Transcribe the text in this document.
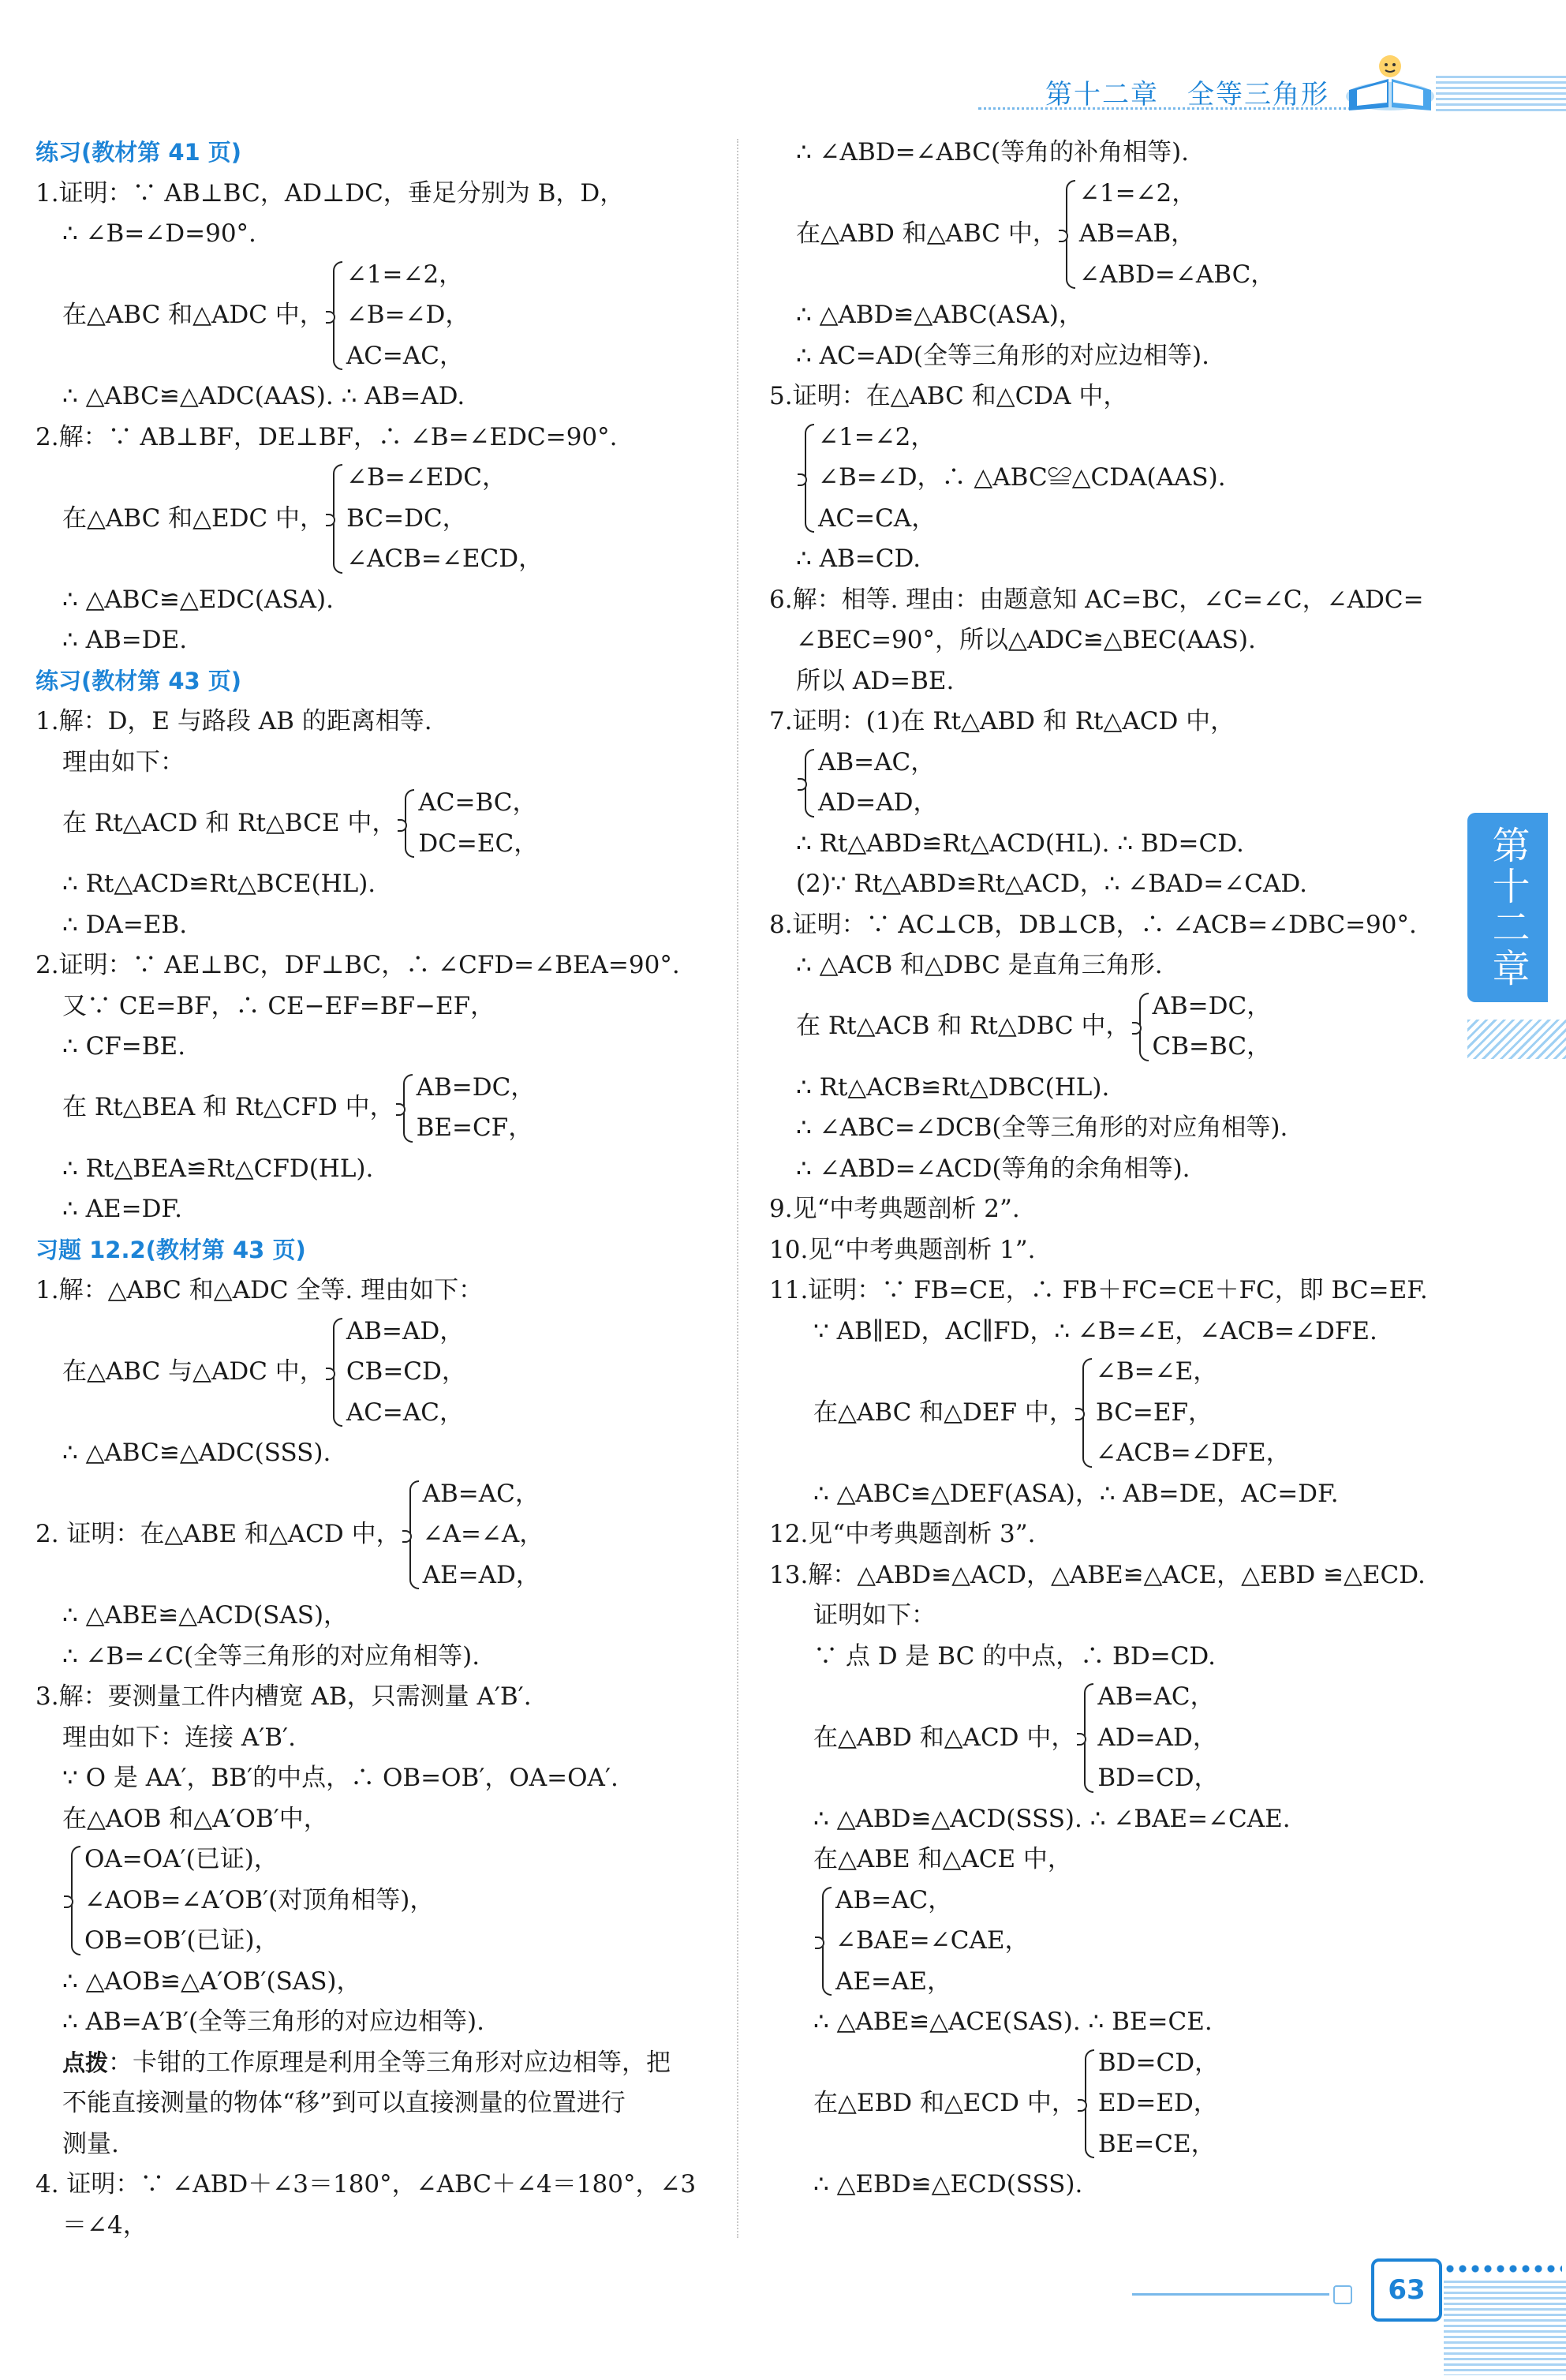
第十二章　全等三角形
练习(教材第 41 页)
1.证明：∵ AB⊥BC，AD⊥DC，垂足分别为 B，D，
∴ ∠B=∠D=90°.
在△ABC 和△ADC 中，
∠1=∠2，
∠B=∠D，
AC=AC，
∴ △ABC≌△ADC(AAS). ∴ AB=AD.
2.解：∵ AB⊥BF，DE⊥BF，∴ ∠B=∠EDC=90°.
在△ABC 和△EDC 中，
∠B=∠EDC，
BC=DC，
∠ACB=∠ECD，
∴ △ABC≌△EDC(ASA).
∴ AB=DE.
练习(教材第 43 页)
1.解：D，E 与路段 AB 的距离相等.
理由如下：
在 Rt△ACD 和 Rt△BCE 中，
AC=BC，
DC=EC，
∴ Rt△ACD≌Rt△BCE(HL).
∴ DA=EB.
2.证明：∵ AE⊥BC，DF⊥BC，∴ ∠CFD=∠BEA=90°.
又∵ CE=BF，∴ CE−EF=BF−EF，
∴ CF=BE.
在 Rt△BEA 和 Rt△CFD 中，
AB=DC，
BE=CF，
∴ Rt△BEA≌Rt△CFD(HL).
∴ AE=DF.
习题 12.2(教材第 43 页)
1.解：△ABC 和△ADC 全等. 理由如下：
在△ABC 与△ADC 中，
AB=AD，
CB=CD，
AC=AC，
∴ △ABC≌△ADC(SSS).
2. 证明：在△ABE 和△ACD 中，
AB=AC，
∠A=∠A，
AE=AD，
∴ △ABE≌△ACD(SAS)，
∴ ∠B=∠C(全等三角形的对应角相等).
3.解：要测量工件内槽宽 AB，只需测量 A′B′.
理由如下：连接 A′B′.
∵ O 是 AA′，BB′的中点，∴ OB=OB′，OA=OA′.
在△AOB 和△A′OB′中，
OA=OA′(已证)，
∠AOB=∠A′OB′(对顶角相等)，
OB=OB′(已证)，
∴ △AOB≌△A′OB′(SAS)，
∴ AB=A′B′(全等三角形的对应边相等).
点拨：卡钳的工作原理是利用全等三角形对应边相等，把
不能直接测量的物体“移”到可以直接测量的位置进行
测量.
4. 证明：∵ ∠ABD＋∠3＝180°，∠ABC＋∠4＝180°，∠3
＝∠4，
∴ ∠ABD=∠ABC(等角的补角相等).
在△ABD 和△ABC 中，
∠1=∠2，
AB=AB，
∠ABD=∠ABC，
∴ △ABD≌△ABC(ASA)，
∴ AC=AD(全等三角形的对应边相等).
5.证明：在△ABC 和△CDA 中，
∠1=∠2，
∠B=∠D，∴ △ABC≌△CDA(AAS).
AC=CA，
∴ AB=CD.
6.解：相等. 理由：由题意知 AC=BC，∠C=∠C，∠ADC=
∠BEC=90°，所以△ADC≌△BEC(AAS).
所以 AD=BE.
7.证明：(1)在 Rt△ABD 和 Rt△ACD 中，
AB=AC，
AD=AD，
∴ Rt△ABD≌Rt△ACD(HL). ∴ BD=CD.
(2)∵ Rt△ABD≌Rt△ACD，∴ ∠BAD=∠CAD.
8.证明：∵ AC⊥CB，DB⊥CB，∴ ∠ACB=∠DBC=90°.
∴ △ACB 和△DBC 是直角三角形.
在 Rt△ACB 和 Rt△DBC 中，
AB=DC，
CB=BC，
∴ Rt△ACB≌Rt△DBC(HL).
∴ ∠ABC=∠DCB(全等三角形的对应角相等).
∴ ∠ABD=∠ACD(等角的余角相等).
9.见“中考典题剖析 2”.
10.见“中考典题剖析 1”.
11.证明：∵ FB=CE，∴ FB＋FC=CE＋FC，即 BC=EF.
∵ AB∥ED，AC∥FD，∴ ∠B=∠E，∠ACB=∠DFE.
在△ABC 和△DEF 中，
∠B=∠E，
BC=EF，
∠ACB=∠DFE，
∴ △ABC≌△DEF(ASA)，∴ AB=DE，AC=DF.
12.见“中考典题剖析 3”.
13.解：△ABD≌△ACD，△ABE≌△ACE，△EBD ≌△ECD.
证明如下：
∵ 点 D 是 BC 的中点，∴ BD=CD.
在△ABD 和△ACD 中，
AB=AC，
AD=AD，
BD=CD，
∴ △ABD≌△ACD(SSS). ∴ ∠BAE=∠CAE.
在△ABE 和△ACE 中，
AB=AC，
∠BAE=∠CAE，
AE=AE，
∴ △ABE≌△ACE(SAS). ∴ BE=CE.
在△EBD 和△ECD 中，
BD=CD，
ED=ED，
BE=CE，
∴ △EBD≌△ECD(SSS).
第十二章
63
